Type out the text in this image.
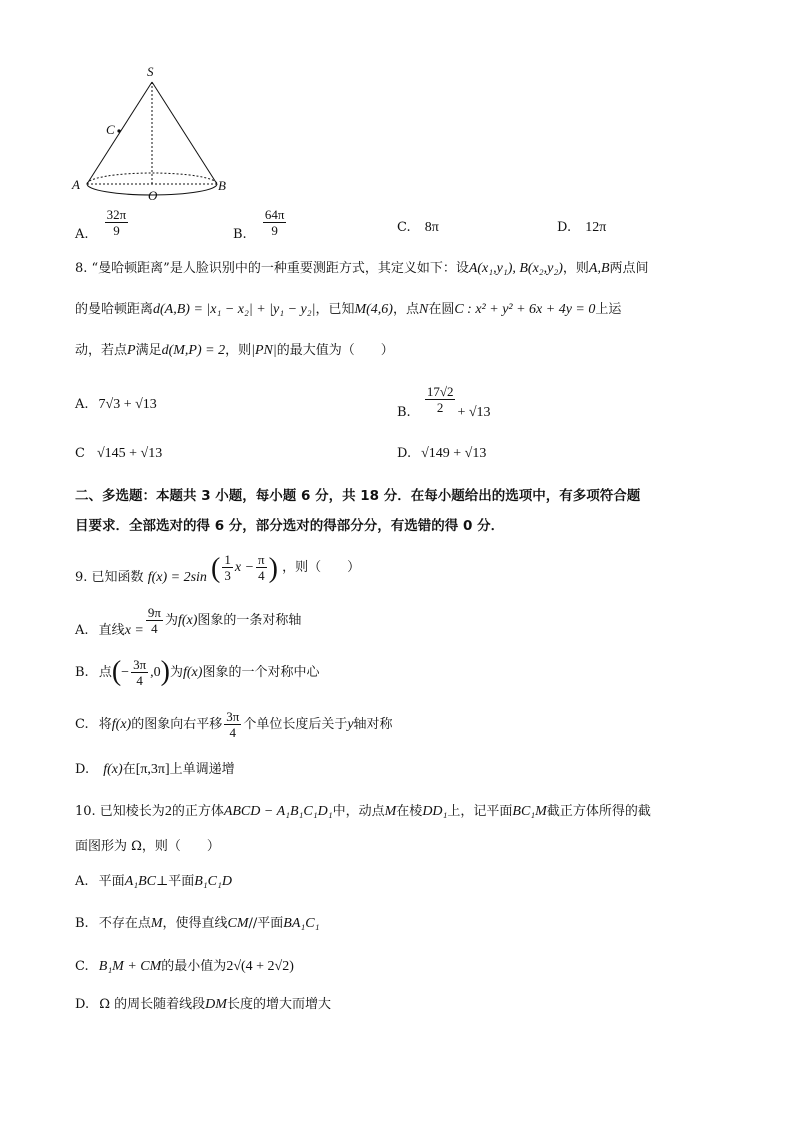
S
C
A	B
O
A. $\frac{32\pi}{9}$	B. $\frac{64\pi}{9}$	C. 8π	D. 12π
8. “曼哈顿距离”是人脸识别中的一种重要测距方式，其定义如下：设A(x₁,y₁), B(x₂,y₂)，则A,B两点间
的曼哈顿距离d(A,B) = |x₁ − x₂| + |y₁ − y₂|，已知M(4,6)，点N在圆C : x² + y² + 6x + 4y = 0上运
动，若点P满足d(M,P) = 2，则|PN|的最大值为（　　）
A. 7√3 + √13
B. $\frac{17√2}{2} + √13$
C √145 + √13	D. √149 + √13
二、多选题：本题共 3 小题，每小题 6 分，共 18 分．在每小题给出的选项中，有多项符合题
目要求．全部选对的得 6 分，部分选对的得部分分，有选错的得 0 分．
9. 已知函数 f(x) = 2sin ( $\frac{1}{3}$ $x - \frac{\pi}{4}$ ) ，则（　　）
A. 直线$x = \frac{9\pi}{4}$ 为f(x)图象的一条对称轴
B. 点(− $\frac{3\pi}{4} ,0$)为f(x)图象的一个对称中心
C. 将f(x)的图象向右平移 $\frac{3\pi}{4}$ 个单位长度后关于y轴对称
D. f(x)在[π,3π]上单调递增
10. 已知棱长为2的正方体ABCD − A₁B₁C₁D₁中，动点M在棱DD₁上，记平面BC₁M截正方体所得的截
面图形为 Ω，则（　　）
A. 平面A₁BC⊥平面B₁C₁D
B. 不存在点M，使得直线CM//平面BA₁C₁
C. B₁M + CM的最小值为2√(4 + 2√2)
D. Ω 的周长随着线段DM长度的增大而增大
